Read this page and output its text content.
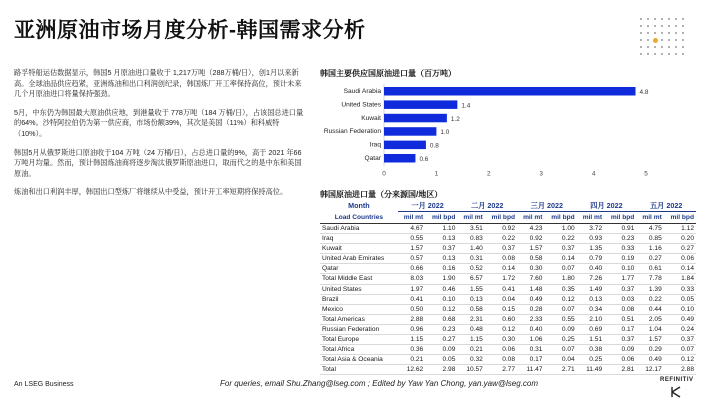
亚洲原油市场月度分析-韩国需求分析

路孚特船运估数据显示，韩国5 月原油进口量收于 1,217万吨（288万桶/日），创1月以来新高。全球油品供应趋紧，亚洲炼油和出口利润创纪录，韩国炼厂开工率保持高位，预计未来几个月原油进口将量保持强劲。

5月，中东仍为韩国最大原油供应地，到港量收于 778万吨（184 万桶/日），占该国总进口量的64%。沙特阿拉伯仍为第一供应商，市场份额39%，其次是美国（11%）和科威特（10%）。

韩国5月从俄罗斯进口原油收于104 万吨（24 万桶/日），占总进口量的9%，高于 2021 年66 万吨月均量。然而，预计韩国炼油商将逐步淘汰俄罗斯原油进口，取而代之的是中东和美国原油。

炼油和出口利润丰厚，韩国出口型炼厂将继续从中受益，预计开工率短期将保持高位。

韩国主要供应国原油进口量（百万吨）
Saudi Arabia	4.8
United States	1.4
Kuwait	1.2
Russian Federation	1.0
Iraq	0.8
Qatar	0.6
0	1	2	3	4	5
韩国原油进口量（分来源国/地区）
Month	一月 2022		二月 2022		三月 2022		四月 2022		五月 2022	
Load Countries	mil mt	mil bpd	mil mt	mil bpd	mil mt	mil bpd	mil mt	mil bpd	mil mt	mil bpd
Saudi Arabia	4.67	1.10	3.51	0.92	4.23	1.00	3.72	0.91	4.75	1.12
Iraq	0.55	0.13	0.83	0.22	0.92	0.22	0.93	0.23	0.85	0.20
Kuwait	1.57	0.37	1.40	0.37	1.57	0.37	1.35	0.33	1.16	0.27
United Arab Emirates	0.57	0.13	0.31	0.08	0.58	0.14	0.79	0.19	0.27	0.06
Qatar	0.66	0.16	0.52	0.14	0.30	0.07	0.40	0.10	0.61	0.14
Total Middle East	8.03	1.90	6.57	1.72	7.60	1.80	7.26	1.77	7.78	1.84
United States	1.97	0.46	1.55	0.41	1.48	0.35	1.49	0.37	1.39	0.33
Brazil	0.41	0.10	0.13	0.04	0.49	0.12	0.13	0.03	0.22	0.05
Mexico	0.50	0.12	0.58	0.15	0.28	0.07	0.34	0.08	0.44	0.10
Total Americas	2.88	0.68	2.31	0.60	2.33	0.55	2.10	0.51	2.05	0.49
Russian Federation	0.96	0.23	0.48	0.12	0.40	0.09	0.69	0.17	1.04	0.24
Total Europe	1.15	0.27	1.15	0.30	1.06	0.25	1.51	0.37	1.57	0.37
Total Africa	0.36	0.09	0.21	0.06	0.31	0.07	0.38	0.09	0.29	0.07
Total Asia & Oceania	0.21	0.05	0.32	0.08	0.17	0.04	0.25	0.06	0.49	0.12
Total	12.62	2.98	10.57	2.77	11.47	2.71	11.49	2.81	12.17	2.88
An LSEG Business	For queries, email Shu.Zhang@lseg.com ; Edited by Yaw Yan Chong, yan.yaw@lseg.com	REFINITIV
